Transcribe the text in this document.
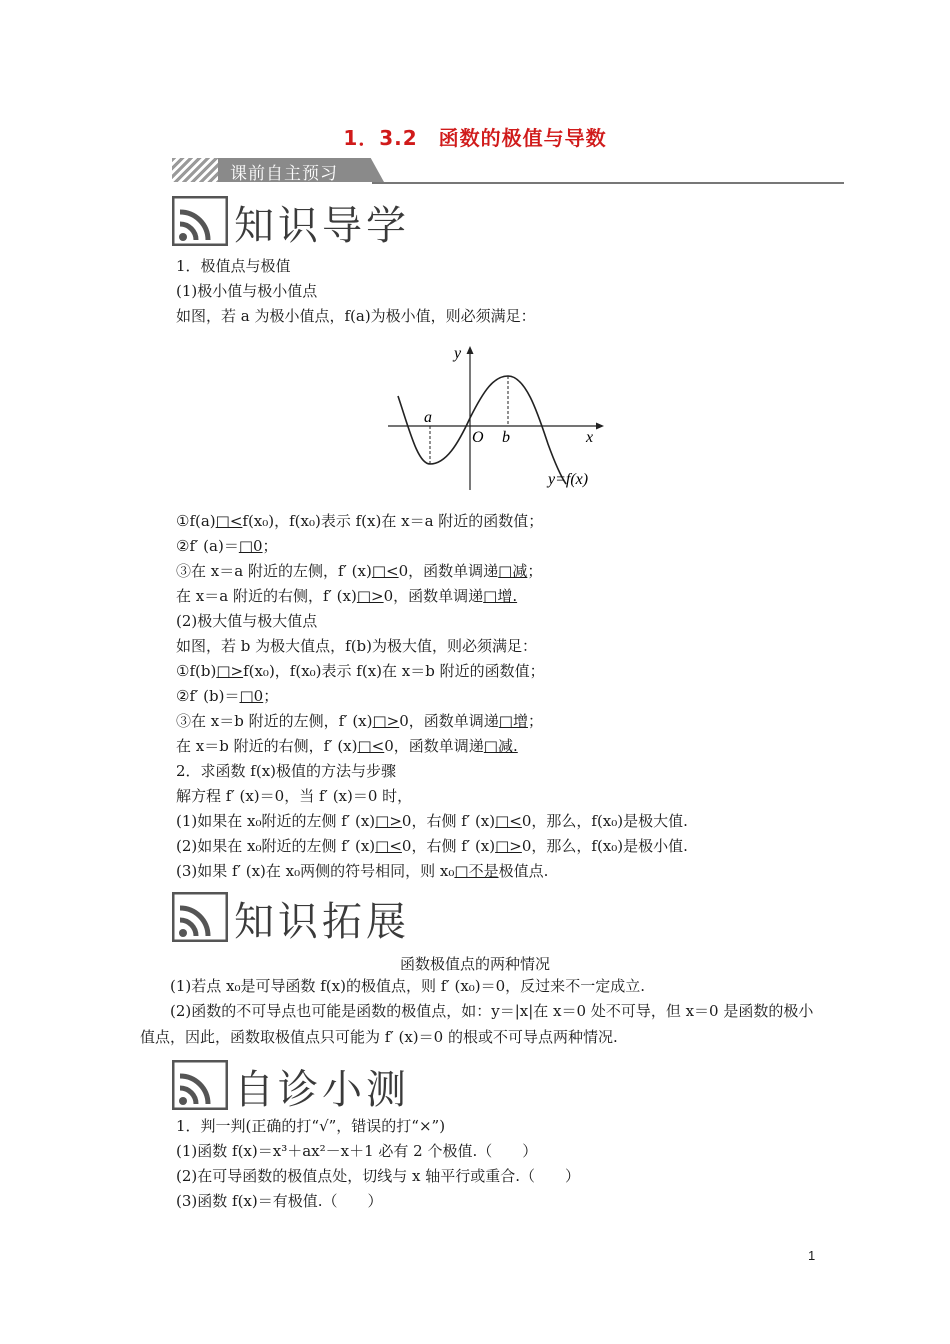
1．3.2　函数的极值与导数
课前自主预习
知识导学
1．极值点与极值
(1)极小值与极小值点
如图，若 a 为极小值点，f(a)为极小值，则必须满足：
y
x
a
O b
y=f(x)
①f(a)□<f(x₀)，f(x₀)表示 f(x)在 x＝a 附近的函数值；
②f′ (a)＝□0；
③在 x＝a 附近的左侧，f′ (x)□<0，函数单调递□减；
在 x＝a 附近的右侧，f′ (x)□>0，函数单调递□增.
(2)极大值与极大值点
如图，若 b 为极大值点，f(b)为极大值，则必须满足：
①f(b)□>f(x₀)，f(x₀)表示 f(x)在 x＝b 附近的函数值；
②f′ (b)＝□0；
③在 x＝b 附近的左侧，f′ (x)□>0，函数单调递□增；
在 x＝b 附近的右侧，f′ (x)□<0，函数单调递□减.
2．求函数 f(x)极值的方法与步骤
解方程 f′ (x)＝0，当 f′ (x)＝0 时，
(1)如果在 x₀附近的左侧 f′ (x)□>0，右侧 f′ (x)□<0，那么，f(x₀)是极大值.
(2)如果在 x₀附近的左侧 f′ (x)□<0，右侧 f′ (x)□>0，那么，f(x₀)是极小值.
(3)如果 f′ (x)在 x₀两侧的符号相同，则 x₀□不是极值点.
知识拓展
函数极值点的两种情况
(1)若点 x₀是可导函数 f(x)的极值点，则 f′ (x₀)＝0，反过来不一定成立.
(2)函数的不可导点也可能是函数的极值点，如：y＝|x|在 x＝0 处不可导，但 x＝0 是函数的极小值点，因此，函数取极值点只可能为 f′ (x)＝0 的根或不可导点两种情况.
自诊小测
1．判一判(正确的打“√”，错误的打“×”)
(1)函数 f(x)＝x³＋ax²－x＋1 必有 2 个极值.（　　）
(2)在可导函数的极值点处，切线与 x 轴平行或重合.（　　）
(3)函数 f(x)＝有极值.（　　）
1
